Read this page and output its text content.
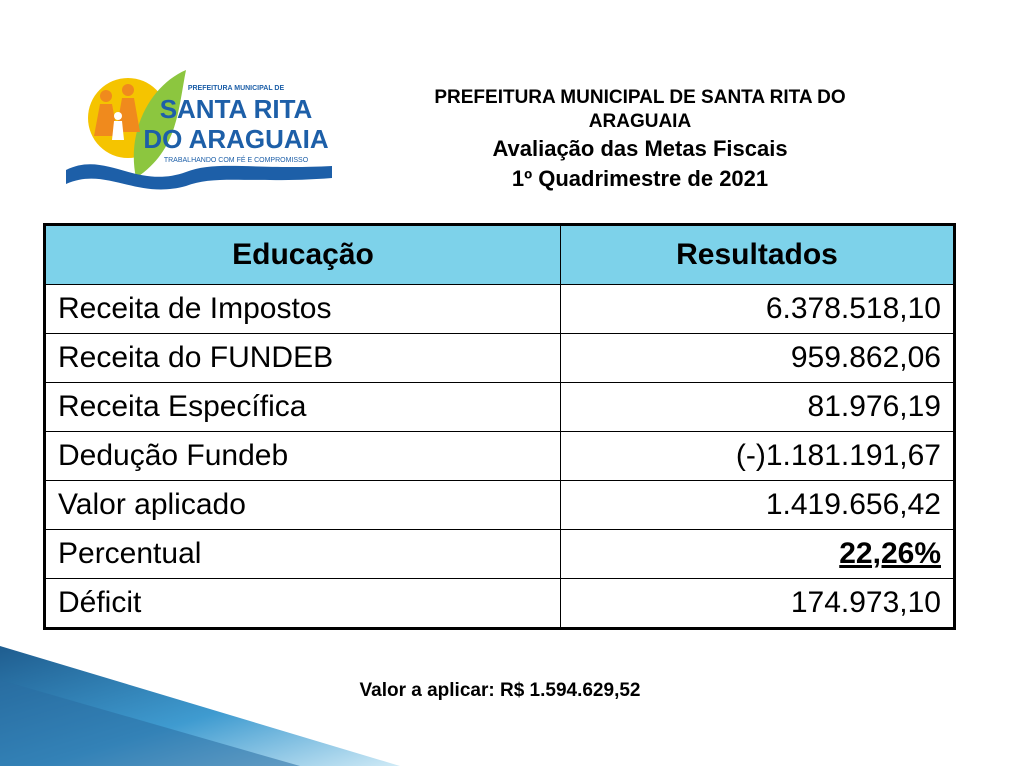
PREFEITURA MUNICIPAL DE
SANTA RITA
DO ARAGUAIA
TRABALHANDO COM FÉ E COMPROMISSO
PREFEITURA MUNICIPAL DE SANTA RITA DO
ARAGUAIA
Avaliação das Metas Fiscais
1º Quadrimestre de 2021
Educação	Resultados
Receita de Impostos	6.378.518,10
Receita do FUNDEB	959.862,06
Receita Específica	81.976,19
Dedução Fundeb	(-)1.181.191,67
Valor aplicado	1.419.656,42
Percentual	22,26%
Déficit	174.973,10
Valor a aplicar: R$ 1.594.629,52
